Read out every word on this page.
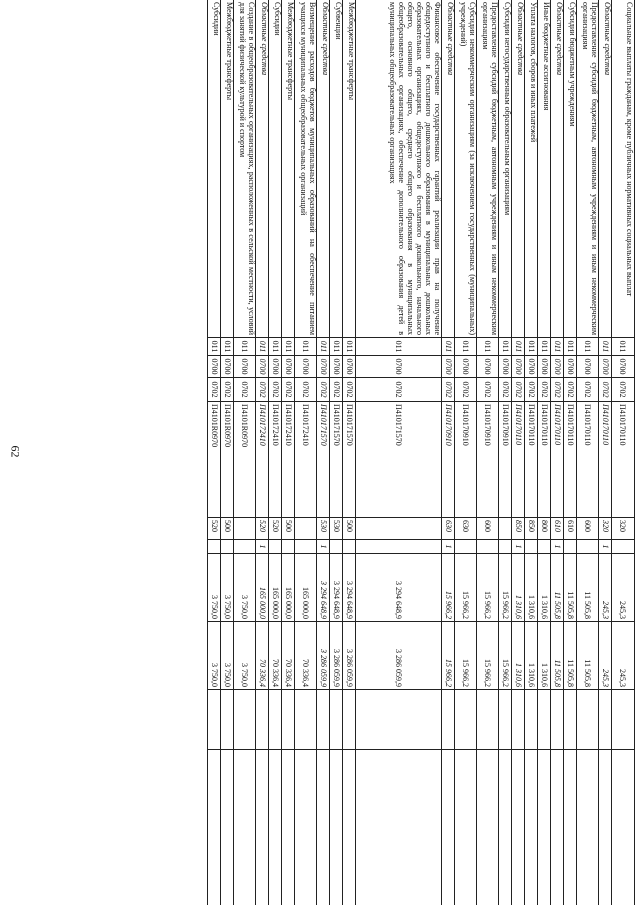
62
Социальные выплаты гражданам, кроме публичных нормативных социальных выплат
011
0700
0702
П410170110
320
245,3
245,3
Областные средства
011
0700
0702
П410170110
320
1
245,3
245,3
Предоставление субсидий бюджетным, автономным учреждениям и иным некоммерческим организациям
011
0700
0702
П410170110
600
11 505,8
11 505,8
Субсидии бюджетным учреждениям
011
0700
0702
П410170110
610
11 505,8
11 505,8
Областные средства
011
0700
0702
П410170110
610
1
11 505,8
11 505,8
Иные бюджетные ассигнования
011
0700
0702
П410170110
800
1 310,6
1 310,6
Уплата налогов, сборов и иных платежей
011
0700
0702
П410170110
850
1 310,6
1 310,6
Областные средства
011
0700
0702
П410170110
850
1
1 310,6
1 310,6
Субсидии негосударственным образовательным организациям
011
0700
0702
П410170910
15 966,2
15 966,2
Предоставление субсидий бюджетным, автономным учреждениям и иным некоммерческим организациям
011
0700
0702
П410170910
600
15 966,2
15 966,2
Субсидии некоммерческим организациям (за исключением государственных (муниципальных) учреждений)
011
0700
0702
П410170910
630
15 966,2
15 966,2
Областные средства
011
0700
0702
П410170910
630
1
15 966,2
15 966,2
Финансовое обеспечение государственных гарантий реализации прав на получение общедоступного и бесплатного дошкольного образования в муниципальных дошкольных образовательных организациях, общедоступного и бесплатного дошкольного, начального общего, основного общего, среднего общего образования в муниципальных общеобразовательных организациях, обеспечение дополнительного образования детей в муниципальных общеобразовательных организациях
011
0700
0702
П410171570
3 294 648,9
3 286 059,9
Межбюджетные трансферты
011
0700
0702
П410171570
500
3 294 648,9
3 286 059,9
Субвенции
011
0700
0702
П410171570
530
3 294 648,9
3 286 059,9
Областные средства
011
0700
0702
П410171570
530
1
3 294 648,9
3 286 059,9
Возмещение расходов бюджетов муниципальных образований на обеспечение питанием учащихся муниципальных общеобразовательных организаций
011
0700
0702
П410172410
165 000,0
70 336,4
Межбюджетные трансферты
011
0700
0702
П410172410
500
165 000,0
70 336,4
Субсидии
011
0700
0702
П410172410
520
165 000,0
70 336,4
Областные средства
011
0700
0702
П410172410
520
1
165 000,0
70 336,4
Создание в общеобразовательных организациях, расположенных в сельской местности, условий для занятий физической культурой и спортом
011
0700
0702
П4101R0970
3 750,0
3 750,0
Межбюджетные трансферты
011
0700
0702
П4101R0970
500
3 750,0
3 750,0
Субсидии
011
0700
0702
П4101R0970
520
3 750,0
3 750,0
